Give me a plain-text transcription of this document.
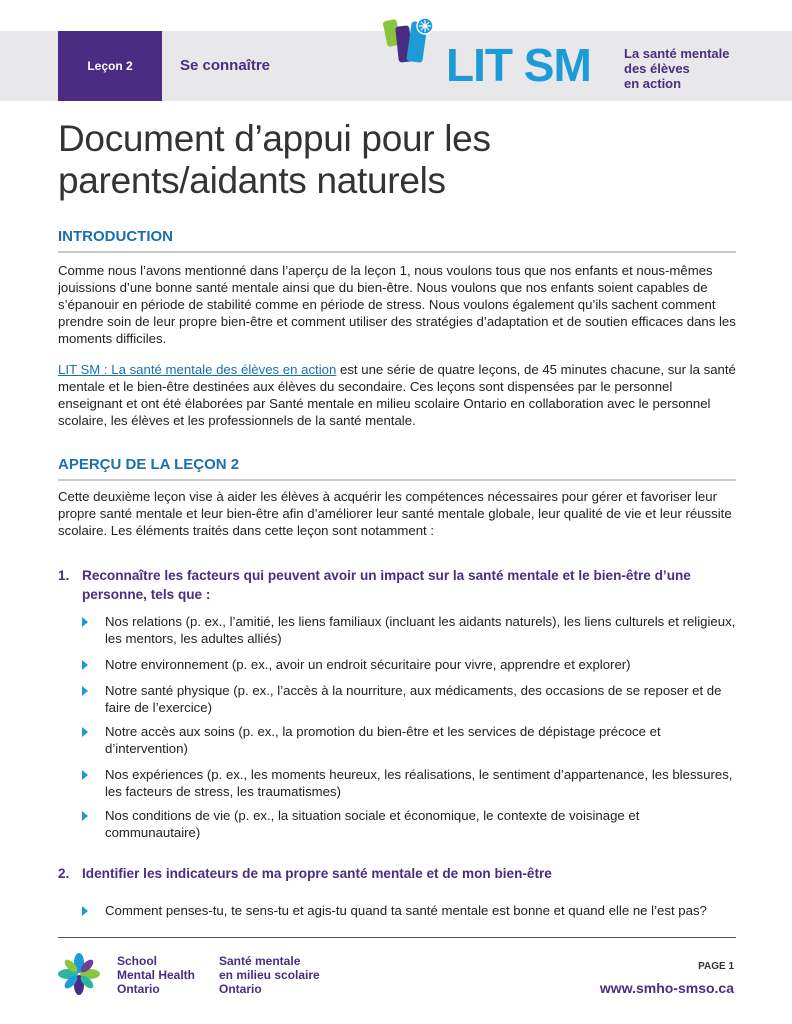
Leçon 2	Se connaître	LIT SM	La santé mentale
des élèves
en action
Document d’appui pour les
parents/aidants naturels
INTRODUCTION

Comme nous l’avons mentionné dans l’aperçu de la leçon 1, nous voulons tous que nos enfants et nous-mêmes jouissions d’une bonne santé mentale ainsi que du bien-être. Nous voulons que nos enfants soient capables de s’épanouir en période de stabilité comme en période de stress. Nous voulons également qu’ils sachent comment prendre soin de leur propre bien-être et comment utiliser des stratégies d’adaptation et de soutien efficaces dans les moments difficiles.

LIT SM : La santé mentale des élèves en action est une série de quatre leçons, de 45 minutes chacune, sur la santé mentale et le bien-être destinées aux élèves du secondaire. Ces leçons sont dispensées par le personnel enseignant et ont été élaborées par Santé mentale en milieu scolaire Ontario en collaboration avec le personnel scolaire, les élèves et les professionnels de la santé mentale.

APERÇU DE LA LEÇON 2

Cette deuxième leçon vise à aider les élèves à acquérir les compétences nécessaires pour gérer et favoriser leur propre santé mentale et leur bien-être afin d’améliorer leur santé mentale globale, leur qualité de vie et leur réussite scolaire. Les éléments traités dans cette leçon sont notamment :

1. Reconnaître les facteurs qui peuvent avoir un impact sur la santé mentale et le bien-être d’une personne, tels que :
Nos relations (p. ex., l’amitié, les liens familiaux (incluant les aidants naturels), les liens culturels et religieux, les mentors, les adultes alliés)
Notre environnement (p. ex., avoir un endroit sécuritaire pour vivre, apprendre et explorer)
Notre santé physique (p. ex., l’accès à la nourriture, aux médicaments, des occasions de se reposer et de faire de l’exercice)
Notre accès aux soins (p. ex., la promotion du bien-être et les services de dépistage précoce et d’intervention)
Nos expériences (p. ex., les moments heureux, les réalisations, le sentiment d’appartenance, les blessures, les facteurs de stress, les traumatismes)
Nos conditions de vie (p. ex., la situation sociale et économique, le contexte de voisinage et communautaire)
2. Identifier les indicateurs de ma propre santé mentale et de mon bien-être
Comment penses-tu, te sens-tu et agis-tu quand ta santé mentale est bonne et quand elle ne l’est pas?
School
Mental Health
Ontario
Santé mentale
en milieu scolaire
Ontario
PAGE 1
www.smho-smso.ca
